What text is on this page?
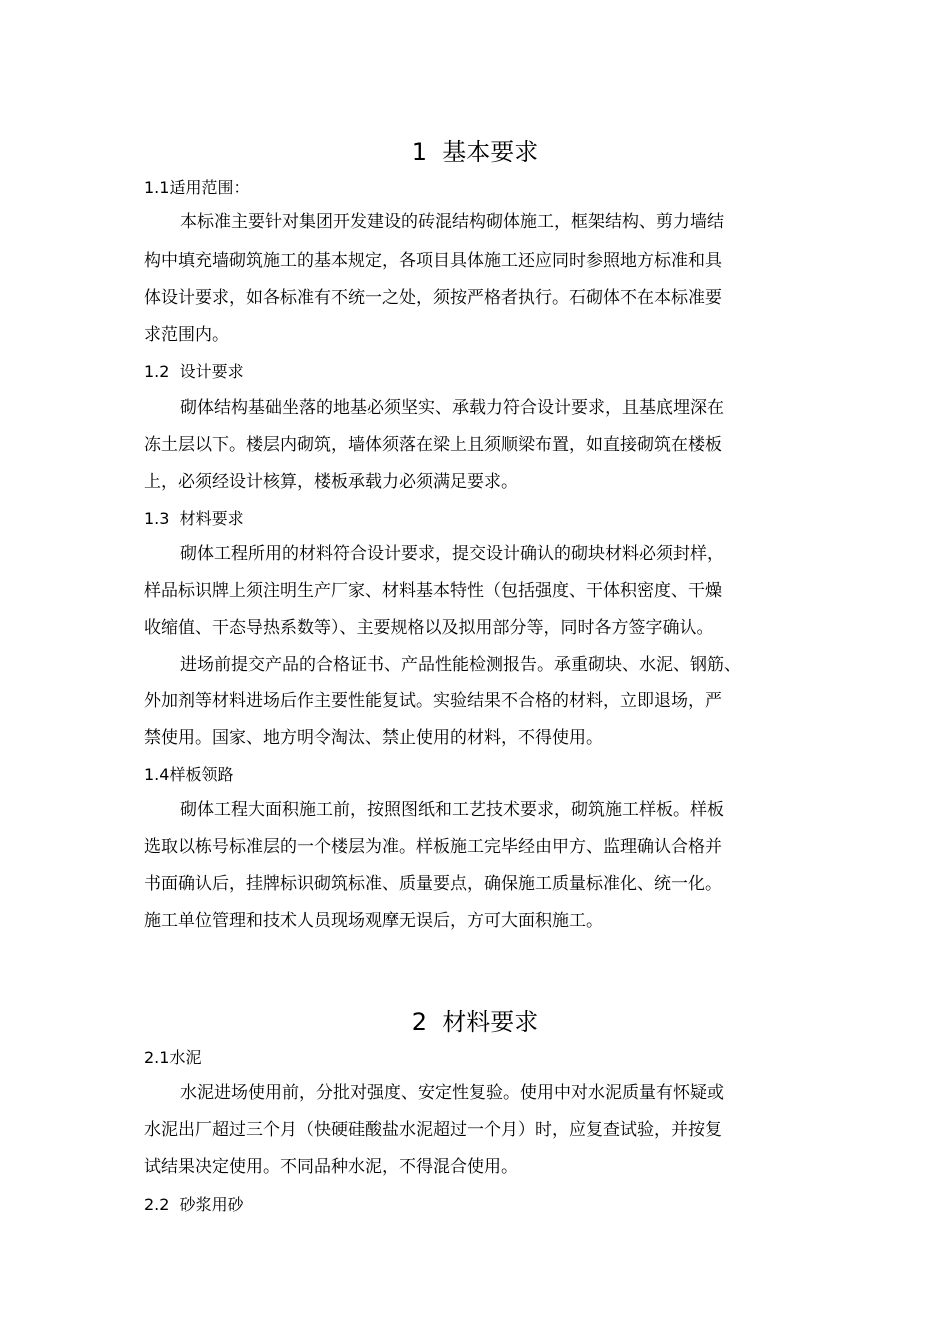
1  基本要求
1.1适用范围：
本标准主要针对集团开发建设的砖混结构砌体施工，框架结构、剪力墙结
构中填充墙砌筑施工的基本规定，各项目具体施工还应同时参照地方标准和具
体设计要求，如各标准有不统一之处，须按严格者执行。石砌体不在本标准要
求范围内。
1.2  设计要求
砌体结构基础坐落的地基必须坚实、承载力符合设计要求，且基底埋深在
冻土层以下。楼层内砌筑，墙体须落在梁上且须顺梁布置，如直接砌筑在楼板
上，必须经设计核算，楼板承载力必须满足要求。
1.3  材料要求
砌体工程所用的材料符合设计要求，提交设计确认的砌块材料必须封样，
样品标识牌上须注明生产厂家、材料基本特性（包括强度、干体积密度、干燥
收缩值、干态导热系数等）、主要规格以及拟用部分等，同时各方签字确认。
进场前提交产品的合格证书、产品性能检测报告。承重砌块、水泥、钢筋、
外加剂等材料进场后作主要性能复试。实验结果不合格的材料，立即退场，严
禁使用。国家、地方明令淘汰、禁止使用的材料，不得使用。
1.4样板领路
砌体工程大面积施工前，按照图纸和工艺技术要求，砌筑施工样板。样板
选取以栋号标准层的一个楼层为准。样板施工完毕经由甲方、监理确认合格并
书面确认后，挂牌标识砌筑标准、质量要点，确保施工质量标准化、统一化。
施工单位管理和技术人员现场观摩无误后，方可大面积施工。
2  材料要求
2.1水泥
水泥进场使用前，分批对强度、安定性复验。使用中对水泥质量有怀疑或
水泥出厂超过三个月（快硬硅酸盐水泥超过一个月）时，应复查试验，并按复
试结果决定使用。不同品种水泥，不得混合使用。
2.2  砂浆用砂
